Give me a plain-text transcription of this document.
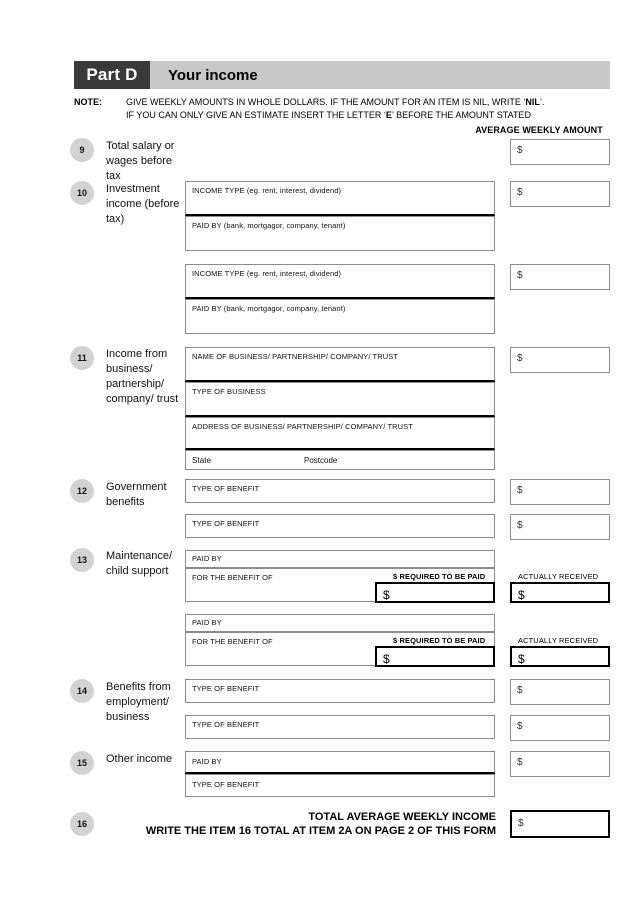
Part D	Your income
NOTE:	GIVE WEEKLY AMOUNTS IN WHOLE DOLLARS. IF THE AMOUNT FOR AN ITEM IS NIL, WRITE ‘NIL’.
IF YOU CAN ONLY GIVE AN ESTIMATE INSERT THE LETTER ‘E’ BEFORE THE AMOUNT STATED
AVERAGE WEEKLY AMOUNT
9	Total salary or wages before tax
$
10	Investment income (before tax)
INCOME TYPE (eg. rent, interest, dividend)
PAID BY (bank, mortgagor, company, tenant)
$
INCOME TYPE (eg. rent, interest, dividend)
PAID BY (bank, mortgagor, company, tenant)
$
11	Income from business/ partnership/ company/ trust
NAME OF BUSINESS/ PARTNERSHIP/ COMPANY/ TRUST
TYPE OF BUSINESS
ADDRESS OF BUSINESS/ PARTNERSHIP/ COMPANY/ TRUST
State	Postcode
$
12	Government benefits
TYPE OF BENEFIT	$
TYPE OF BENEFIT	$
13	Maintenance/ child support
PAID BY
FOR THE BENEFIT OF	$ REQUIRED TO BE PAID
$
ACTUALLY RECEIVED
$
PAID BY
FOR THE BENEFIT OF	$ REQUIRED TO BE PAID
$
ACTUALLY RECEIVED
$
14	Benefits from employment/ business
TYPE OF BENEFIT	$
TYPE OF BENEFIT	$
15	Other income	PAID BY
TYPE OF BENEFIT
$
16
TOTAL AVERAGE WEEKLY INCOME
WRITE THE ITEM 16 TOTAL AT ITEM 2A ON PAGE 2 OF THIS FORM
$
